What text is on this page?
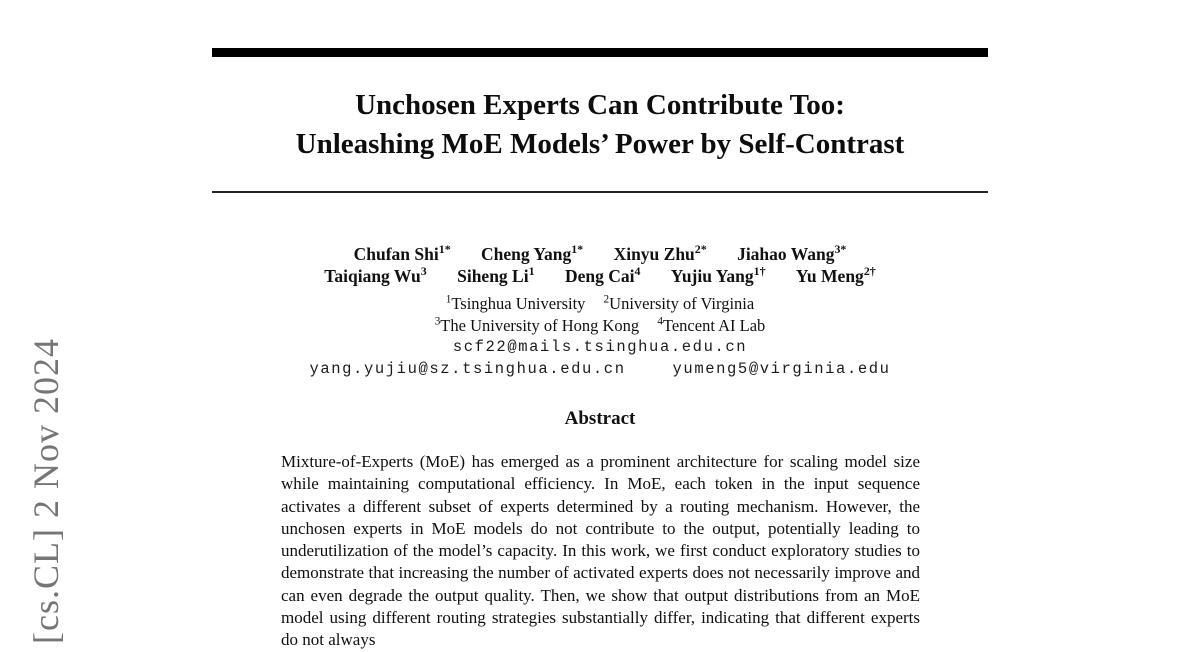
[cs.CL] 2 Nov 2024
Unchosen Experts Can Contribute Too:
Unleashing MoE Models’ Power by Self-Contrast
Chufan Shi$^{1*}$ Cheng Yang$^{1*}$ Xinyu Zhu$^{2*}$ Jiahao Wang$^{3*}$
Taiqiang Wu$^3$ Siheng Li$^1$ Deng Cai$^4$ Yujiu Yang$^{1\dagger}$ Yu Meng$^{2\dagger}$
$^1$Tsinghua University $^2$University of Virginia
$^3$The University of Hong Kong $^4$Tencent AI Lab
scf22@mails.tsinghua.edu.cn
yang.yujiu@sz.tsinghua.edu.cn	yumeng5@virginia.edu
Abstract

Mixture-of-Experts (MoE) has emerged as a prominent architecture for scaling model size while maintaining computational efficiency. In MoE, each token in the input sequence activates a different subset of experts determined by a routing mechanism. However, the unchosen experts in MoE models do not contribute to the output, potentially leading to underutilization of the model’s capacity. In this work, we first conduct exploratory studies to demonstrate that increasing the number of activated experts does not necessarily improve and can even degrade the output quality. Then, we show that output distributions from an MoE model using different routing strategies substantially differ, indicating that different experts do not always
